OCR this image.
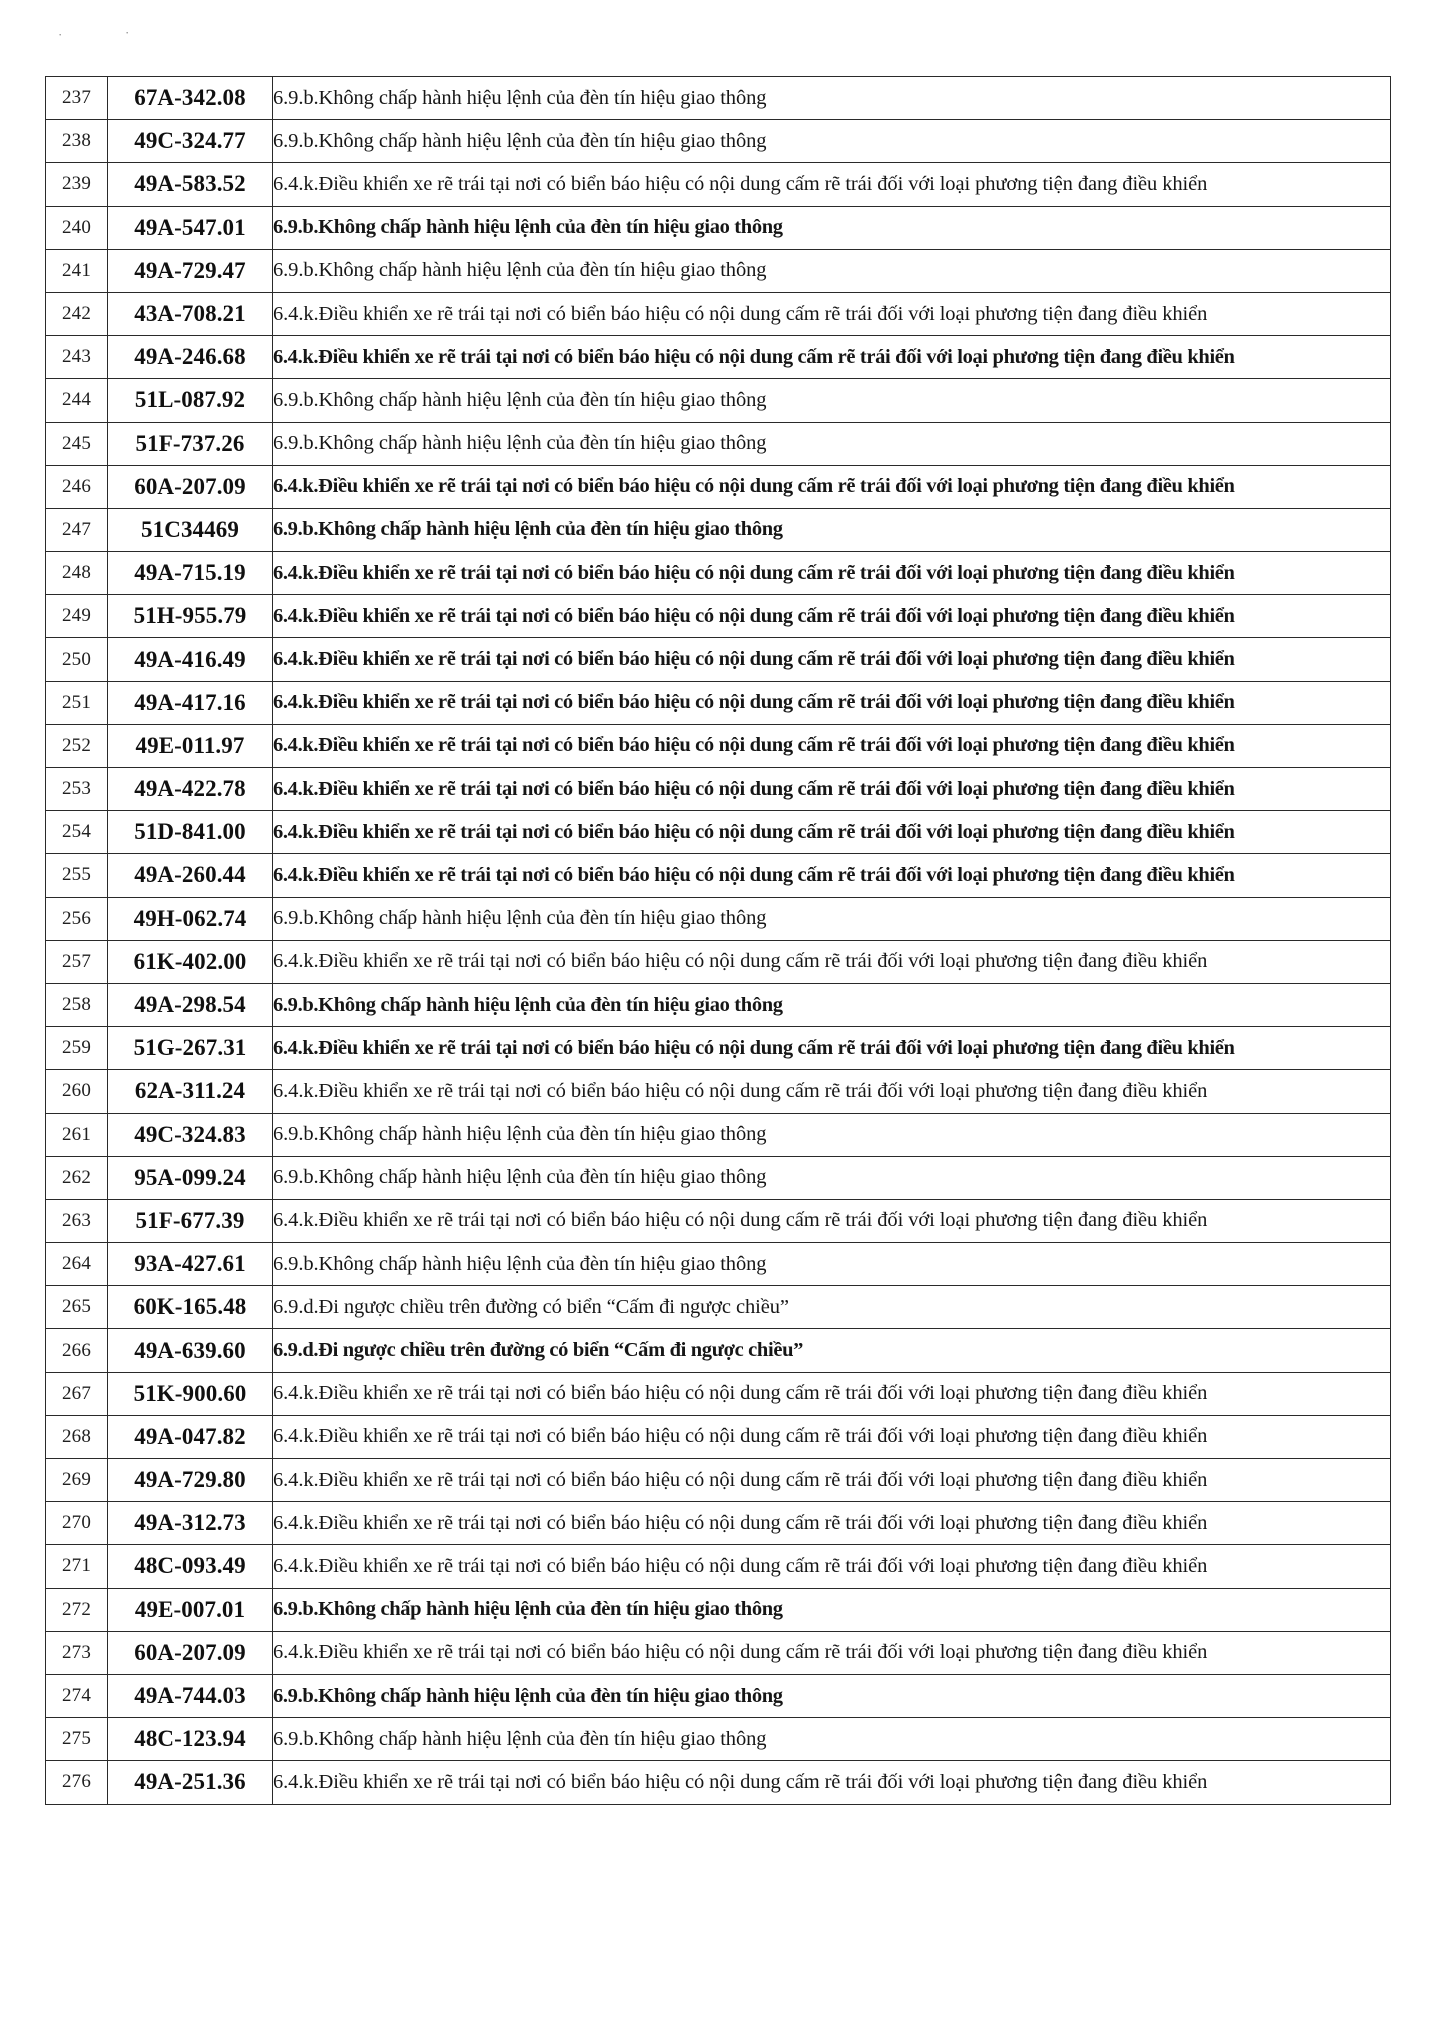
·	·
237	67A-342.08	6.9.b.Không chấp hành hiệu lệnh của đèn tín hiệu giao thông
238	49C-324.77	6.9.b.Không chấp hành hiệu lệnh của đèn tín hiệu giao thông
239	49A-583.52	6.4.k.Điều khiển xe rẽ trái tại nơi có biển báo hiệu có nội dung cấm rẽ trái đối với loại phương tiện đang điều khiển
240	49A-547.01	6.9.b.Không chấp hành hiệu lệnh của đèn tín hiệu giao thông
241	49A-729.47	6.9.b.Không chấp hành hiệu lệnh của đèn tín hiệu giao thông
242	43A-708.21	6.4.k.Điều khiển xe rẽ trái tại nơi có biển báo hiệu có nội dung cấm rẽ trái đối với loại phương tiện đang điều khiển
243	49A-246.68	6.4.k.Điều khiển xe rẽ trái tại nơi có biển báo hiệu có nội dung cấm rẽ trái đối với loại phương tiện đang điều khiển
244	51L-087.92	6.9.b.Không chấp hành hiệu lệnh của đèn tín hiệu giao thông
245	51F-737.26	6.9.b.Không chấp hành hiệu lệnh của đèn tín hiệu giao thông
246	60A-207.09	6.4.k.Điều khiển xe rẽ trái tại nơi có biển báo hiệu có nội dung cấm rẽ trái đối với loại phương tiện đang điều khiển
247	51C34469	6.9.b.Không chấp hành hiệu lệnh của đèn tín hiệu giao thông
248	49A-715.19	6.4.k.Điều khiển xe rẽ trái tại nơi có biển báo hiệu có nội dung cấm rẽ trái đối với loại phương tiện đang điều khiển
249	51H-955.79	6.4.k.Điều khiển xe rẽ trái tại nơi có biển báo hiệu có nội dung cấm rẽ trái đối với loại phương tiện đang điều khiển
250	49A-416.49	6.4.k.Điều khiển xe rẽ trái tại nơi có biển báo hiệu có nội dung cấm rẽ trái đối với loại phương tiện đang điều khiển
251	49A-417.16	6.4.k.Điều khiển xe rẽ trái tại nơi có biển báo hiệu có nội dung cấm rẽ trái đối với loại phương tiện đang điều khiển
252	49E-011.97	6.4.k.Điều khiển xe rẽ trái tại nơi có biển báo hiệu có nội dung cấm rẽ trái đối với loại phương tiện đang điều khiển
253	49A-422.78	6.4.k.Điều khiển xe rẽ trái tại nơi có biển báo hiệu có nội dung cấm rẽ trái đối với loại phương tiện đang điều khiển
254	51D-841.00	6.4.k.Điều khiển xe rẽ trái tại nơi có biển báo hiệu có nội dung cấm rẽ trái đối với loại phương tiện đang điều khiển
255	49A-260.44	6.4.k.Điều khiển xe rẽ trái tại nơi có biển báo hiệu có nội dung cấm rẽ trái đối với loại phương tiện đang điều khiển
256	49H-062.74	6.9.b.Không chấp hành hiệu lệnh của đèn tín hiệu giao thông
257	61K-402.00	6.4.k.Điều khiển xe rẽ trái tại nơi có biển báo hiệu có nội dung cấm rẽ trái đối với loại phương tiện đang điều khiển
258	49A-298.54	6.9.b.Không chấp hành hiệu lệnh của đèn tín hiệu giao thông
259	51G-267.31	6.4.k.Điều khiển xe rẽ trái tại nơi có biển báo hiệu có nội dung cấm rẽ trái đối với loại phương tiện đang điều khiển
260	62A-311.24	6.4.k.Điều khiển xe rẽ trái tại nơi có biển báo hiệu có nội dung cấm rẽ trái đối với loại phương tiện đang điều khiển
261	49C-324.83	6.9.b.Không chấp hành hiệu lệnh của đèn tín hiệu giao thông
262	95A-099.24	6.9.b.Không chấp hành hiệu lệnh của đèn tín hiệu giao thông
263	51F-677.39	6.4.k.Điều khiển xe rẽ trái tại nơi có biển báo hiệu có nội dung cấm rẽ trái đối với loại phương tiện đang điều khiển
264	93A-427.61	6.9.b.Không chấp hành hiệu lệnh của đèn tín hiệu giao thông
265	60K-165.48	6.9.d.Đi ngược chiều trên đường có biển “Cấm đi ngược chiều”
266	49A-639.60	6.9.d.Đi ngược chiều trên đường có biển “Cấm đi ngược chiều”
267	51K-900.60	6.4.k.Điều khiển xe rẽ trái tại nơi có biển báo hiệu có nội dung cấm rẽ trái đối với loại phương tiện đang điều khiển
268	49A-047.82	6.4.k.Điều khiển xe rẽ trái tại nơi có biển báo hiệu có nội dung cấm rẽ trái đối với loại phương tiện đang điều khiển
269	49A-729.80	6.4.k.Điều khiển xe rẽ trái tại nơi có biển báo hiệu có nội dung cấm rẽ trái đối với loại phương tiện đang điều khiển
270	49A-312.73	6.4.k.Điều khiển xe rẽ trái tại nơi có biển báo hiệu có nội dung cấm rẽ trái đối với loại phương tiện đang điều khiển
271	48C-093.49	6.4.k.Điều khiển xe rẽ trái tại nơi có biển báo hiệu có nội dung cấm rẽ trái đối với loại phương tiện đang điều khiển
272	49E-007.01	6.9.b.Không chấp hành hiệu lệnh của đèn tín hiệu giao thông
273	60A-207.09	6.4.k.Điều khiển xe rẽ trái tại nơi có biển báo hiệu có nội dung cấm rẽ trái đối với loại phương tiện đang điều khiển
274	49A-744.03	6.9.b.Không chấp hành hiệu lệnh của đèn tín hiệu giao thông
275	48C-123.94	6.9.b.Không chấp hành hiệu lệnh của đèn tín hiệu giao thông
276	49A-251.36	6.4.k.Điều khiển xe rẽ trái tại nơi có biển báo hiệu có nội dung cấm rẽ trái đối với loại phương tiện đang điều khiển
